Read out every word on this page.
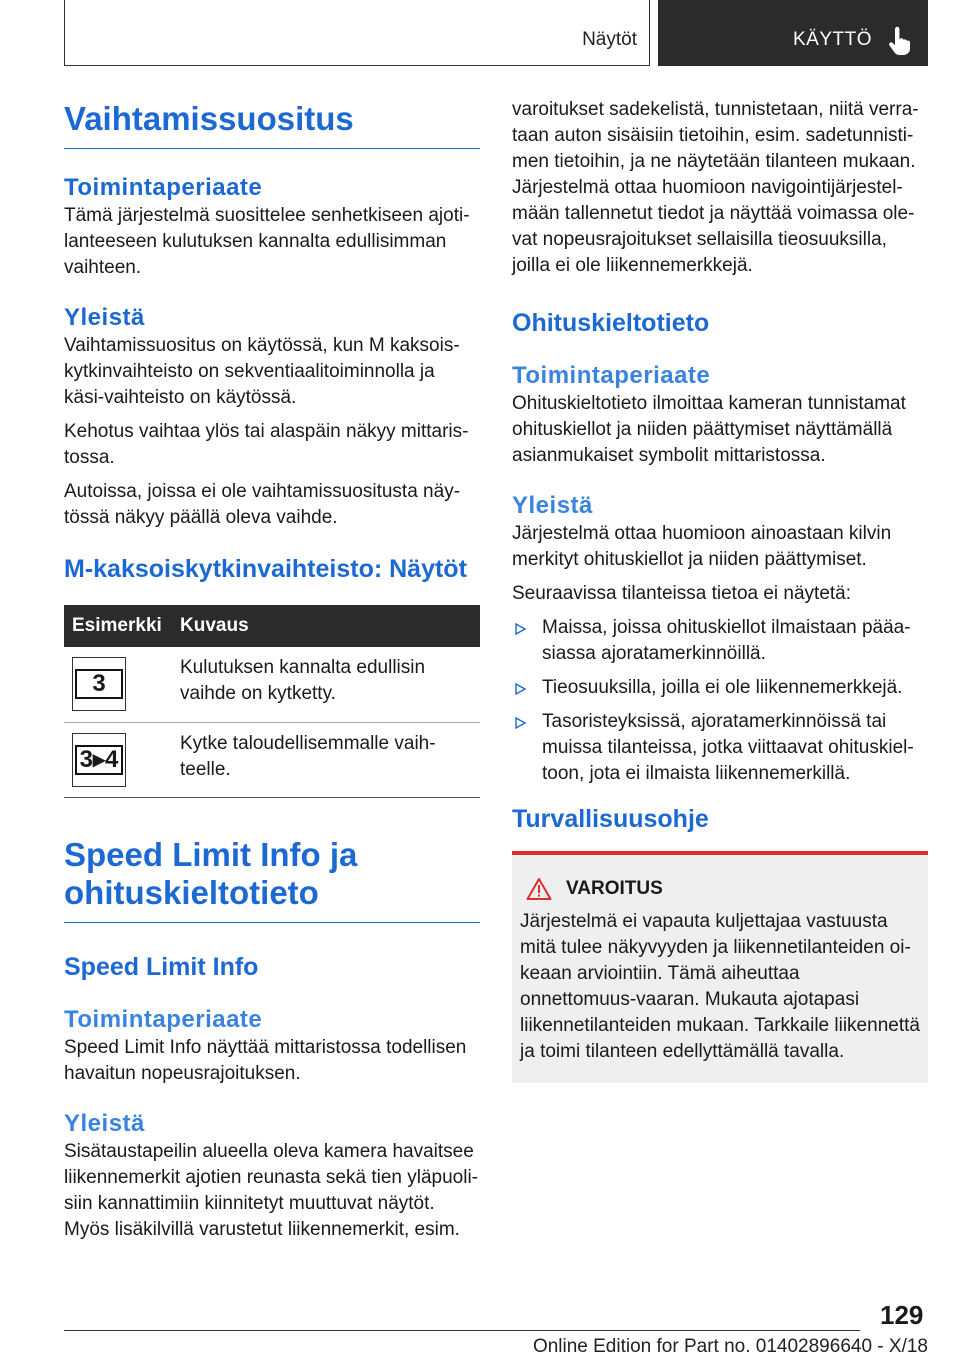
Näytöt	KÄYTTÖ
Vaihtamissuositus
Toimintaperiaate

Tämä järjestelmä suosittelee senhetkiseen ajoti-lanteeseen kulutuksen kannalta edullisimman vaihteen.

Yleistä

Vaihtamissuositus on käytössä, kun M kaksois-kytkinvaihteisto on sekventiaalitoiminnolla ja käsi-vaihteisto on käytössä.

Kehotus vaihtaa ylös tai alaspäin näkyy mittaris-tossa.

Autoissa, joissa ei ole vaihtamissuositusta näy-tössä näkyy päällä oleva vaihde.

M-kaksoiskytkinvaihteisto: Näytöt
Esimerkki	Kuvaus

3	Kulutuksen kannalta edullisin vaihde on kytketty.

3▸4	Kytke taloudellisemmalle vaih-teelle.
Speed Limit Info ja ohituskieltotieto
Speed Limit Info
Toimintaperiaate

Speed Limit Info näyttää mittaristossa todellisen havaitun nopeusrajoituksen.

Yleistä

Sisätaustapeilin alueella oleva kamera havaitsee liikennemerkit ajotien reunasta sekä tien yläpuoli-siin kannattimiin kiinnitetyt muuttuvat näytöt. Myös lisäkilvillä varustetut liikennemerkit, esim.

varoitukset sadekelistä, tunnistetaan, niitä verra-taan auton sisäisiin tietoihin, esim. sadetunnisti-men tietoihin, ja ne näytetään tilanteen mukaan. Järjestelmä ottaa huomioon navigointijärjestel-mään tallennetut tiedot ja näyttää voimassa ole-vat nopeusrajoitukset sellaisilla tieosuuksilla, joilla ei ole liikennemerkkejä.

Ohituskieltotieto
Toimintaperiaate

Ohituskieltotieto ilmoittaa kameran tunnistamat ohituskiellot ja niiden päättymiset näyttämällä asianmukaiset symbolit mittaristossa.

Yleistä

Järjestelmä ottaa huomioon ainoastaan kilvin merkityt ohituskiellot ja niiden päättymiset.

Seuraavissa tilanteissa tietoa ei näytetä:

Maissa, joissa ohituskiellot ilmaistaan pääa-siassa ajoratamerkinnöillä.
Tieosuuksilla, joilla ei ole liikennemerkkejä.
Tasoristeyksissä, ajoratamerkinnöissä tai muissa tilanteissa, jotka viittaavat ohituskiel-toon, jota ei ilmaista liikennemerkillä.
Turvallisuusohje
VAROITUS

Järjestelmä ei vapauta kuljettajaa vastuusta mitä tulee näkyvyyden ja liikennetilanteiden oi-keaan arviointiin. Tämä aiheuttaa onnettomuus-vaaran. Mukauta ajotapasi liikennetilanteiden mukaan. Tarkkaile liikennettä ja toimi tilanteen edellyttämällä tavalla.

129
Online Edition for Part no. 01402896640 - X/18
